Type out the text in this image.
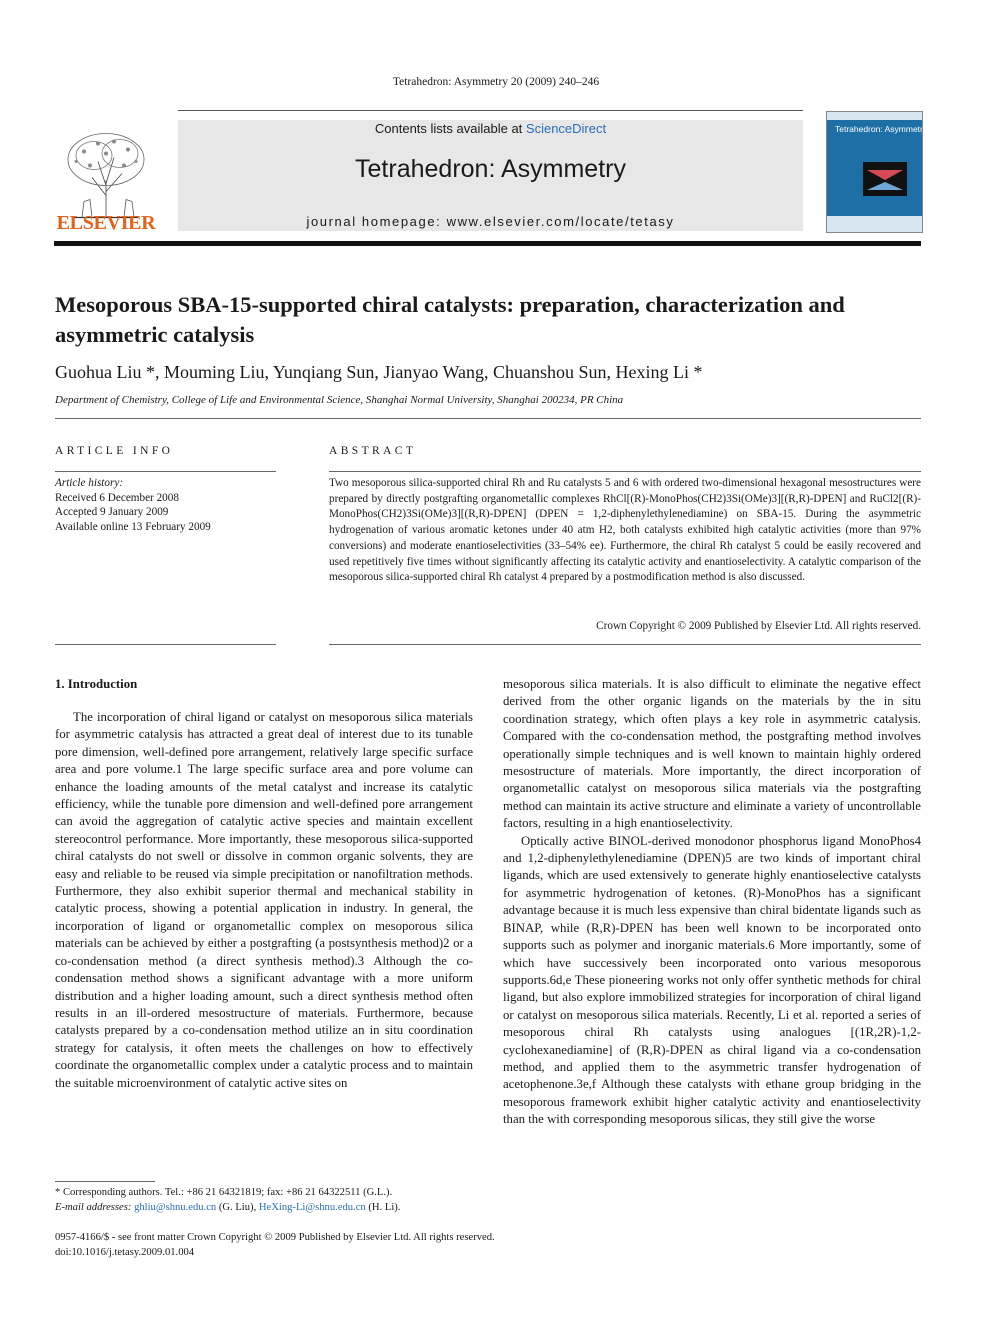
Tetrahedron: Asymmetry 20 (2009) 240–246
ELSEVIER
Contents lists available at ScienceDirect
Tetrahedron: Asymmetry
journal homepage: www.elsevier.com/locate/tetasy
Tetrahedron: Asymmetry
Mesoporous SBA-15-supported chiral catalysts: preparation, characterization and asymmetric catalysis
Guohua Liu *, Mouming Liu, Yunqiang Sun, Jianyao Wang, Chuanshou Sun, Hexing Li *
Department of Chemistry, College of Life and Environmental Science, Shanghai Normal University, Shanghai 200234, PR China
ARTICLE INFO	ABSTRACT
Article history:
Received 6 December 2008
Accepted 9 January 2009
Available online 13 February 2009
Two mesoporous silica-supported chiral Rh and Ru catalysts 5 and 6 with ordered two-dimensional hexagonal mesostructures were prepared by directly postgrafting organometallic complexes RhCl[(R)-MonoPhos(CH2)3Si(OMe)3][(R,R)-DPEN] and RuCl2[(R)-MonoPhos(CH2)3Si(OMe)3][(R,R)-DPEN] (DPEN = 1,2-diphenylethylenediamine) on SBA-15. During the asymmetric hydrogenation of various aromatic ketones under 40 atm H2, both catalysts exhibited high catalytic activities (more than 97% conversions) and moderate enantioselectivities (33–54% ee). Furthermore, the chiral Rh catalyst 5 could be easily recovered and used repetitively five times without significantly affecting its catalytic activity and enantioselectivity. A catalytic comparison of the mesoporous silica-supported chiral Rh catalyst 4 prepared by a postmodification method is also discussed.
Crown Copyright © 2009 Published by Elsevier Ltd. All rights reserved.
1. Introduction

The incorporation of chiral ligand or catalyst on mesoporous silica materials for asymmetric catalysis has attracted a great deal of interest due to its tunable pore dimension, well-defined pore arrangement, relatively large specific surface area and pore volume.1 The large specific surface area and pore volume can enhance the loading amounts of the metal catalyst and increase its catalytic efficiency, while the tunable pore dimension and well-defined pore arrangement can avoid the aggregation of catalytic active species and maintain excellent stereocontrol performance. More importantly, these mesoporous silica-supported chiral catalysts do not swell or dissolve in common organic solvents, they are easy and reliable to be reused via simple precipitation or nanofiltration methods. Furthermore, they also exhibit superior thermal and mechanical stability in catalytic process, showing a potential application in industry. In general, the incorporation of ligand or organometallic complex on mesoporous silica materials can be achieved by either a postgrafting (a postsynthesis method)2 or a co-condensation method (a direct synthesis method).3 Although the co-condensation method shows a significant advantage with a more uniform distribution and a higher loading amount, such a direct synthesis method often results in an ill-ordered mesostructure of materials. Furthermore, because catalysts prepared by a co-condensation method utilize an in situ coordination strategy for catalysis, it often meets the challenges on how to effectively coordinate the organometallic complex under a catalytic process and to maintain the suitable microenvironment of catalytic active sites on

mesoporous silica materials. It is also difficult to eliminate the negative effect derived from the other organic ligands on the materials by the in situ coordination strategy, which often plays a key role in asymmetric catalysis. Compared with the co-condensation method, the postgrafting method involves operationally simple techniques and is well known to maintain highly ordered mesostructure of materials. More importantly, the direct incorporation of organometallic catalyst on mesoporous silica materials via the postgrafting method can maintain its active structure and eliminate a variety of uncontrollable factors, resulting in a high enantioselectivity.

Optically active BINOL-derived monodonor phosphorus ligand MonoPhos4 and 1,2-diphenylethylenediamine (DPEN)5 are two kinds of important chiral ligands, which are used extensively to generate highly enantioselective catalysts for asymmetric hydrogenation of ketones. (R)-MonoPhos has a significant advantage because it is much less expensive than chiral bidentate ligands such as BINAP, while (R,R)-DPEN has been well known to be incorporated onto supports such as polymer and inorganic materials.6 More importantly, some of which have successively been incorporated onto various mesoporous supports.6d,e These pioneering works not only offer synthetic methods for chiral ligand, but also explore immobilized strategies for incorporation of chiral ligand or catalyst on mesoporous silica materials. Recently, Li et al. reported a series of mesoporous chiral Rh catalysts using analogues [(1R,2R)-1,2-cyclohexanediamine] of (R,R)-DPEN as chiral ligand via a co-condensation method, and applied them to the asymmetric transfer hydrogenation of acetophenone.3e,f Although these catalysts with ethane group bridging in the mesoporous framework exhibit higher catalytic activity and enantioselectivity than the with corresponding mesoporous silicas, they still give the worse

* Corresponding authors. Tel.: +86 21 64321819; fax: +86 21 64322511 (G.L.).
E-mail addresses: ghliu@shnu.edu.cn (G. Liu), HeXing-Li@shnu.edu.cn (H. Li).
0957-4166/$ - see front matter Crown Copyright © 2009 Published by Elsevier Ltd. All rights reserved.
doi:10.1016/j.tetasy.2009.01.004
